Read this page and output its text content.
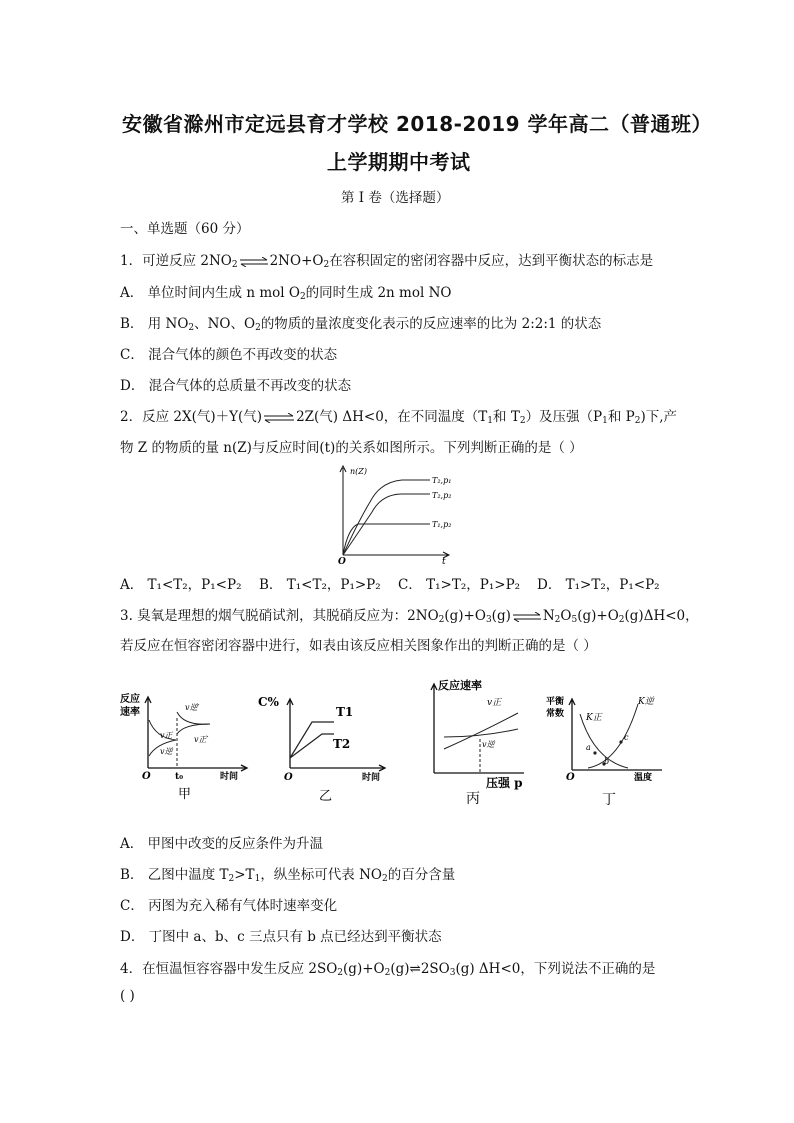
安徽省滁州市定远县育才学校 2018-2019 学年高二（普通班）
上学期期中考试
第 I 卷（选择题）
一、单选题（60 分）
1．可逆反应 $2NO_2\rightleftharpoons 2NO+O_2$在容积固定的密闭容器中反应，达到平衡状态的标志是
A． 单位时间内生成 n mol $O_2$的同时生成 2n mol NO
B． 用 $NO_2$、NO、$O_2$的物质的量浓度变化表示的反应速率的比为 2:2:1 的状态
C． 混合气体的颜色不再改变的状态
D． 混合气体的总质量不再改变的状态
2．反应 2X(气)＋Y(气)⇌2Z(气) ΔH<0，在不同温度（$T_1$和 $T_2$）及压强（$P_1$和 $P_2$)下,产
物 Z 的物质的量 n(Z)与反应时间(t)的关系如图所示。下列判断正确的是（ ）
n(Z)
t
O
T₂,p₁
T₂,p₂
T₁,p₂
A． T₁<T₂，P₁<P₂ B． T₁<T₂，P₁>P₂ C． T₁>T₂，P₁>P₂ D． T₁>T₂，P₁<P₂
3. 臭氧是理想的烟气脱硝试剂，其脱硝反应为：$2NO_2(g)+O_3(g)\rightleftharpoons N_2O_5(g)+O_2(g)\Delta H<0$，
若反应在恒容密闭容器中进行，如表由该反应相关图象作出的判断正确的是（ ）
反应
速率	v逆′
v正′
v正
v逆
O	t₀	时间
甲
C%
T1
T2
O	时间
乙
反应速率
v正
v逆
压强 p
丙
平衡
常数 K正
K逆
a
b
c
O	温度
丁
A． 甲图中改变的反应条件为升温
B． 乙图中温度 $T_2>T_1$，纵坐标可代表 $NO_2$的百分含量
C． 丙图为充入稀有气体时速率变化
D． 丁图中 a、b、c 三点只有 b 点已经达到平衡状态
4．在恒温恒容容器中发生反应 $2SO_2(g)+O_2(g)\rightleftharpoons 2SO_3(g)$ ΔH<0，下列说法不正确的是
( )
